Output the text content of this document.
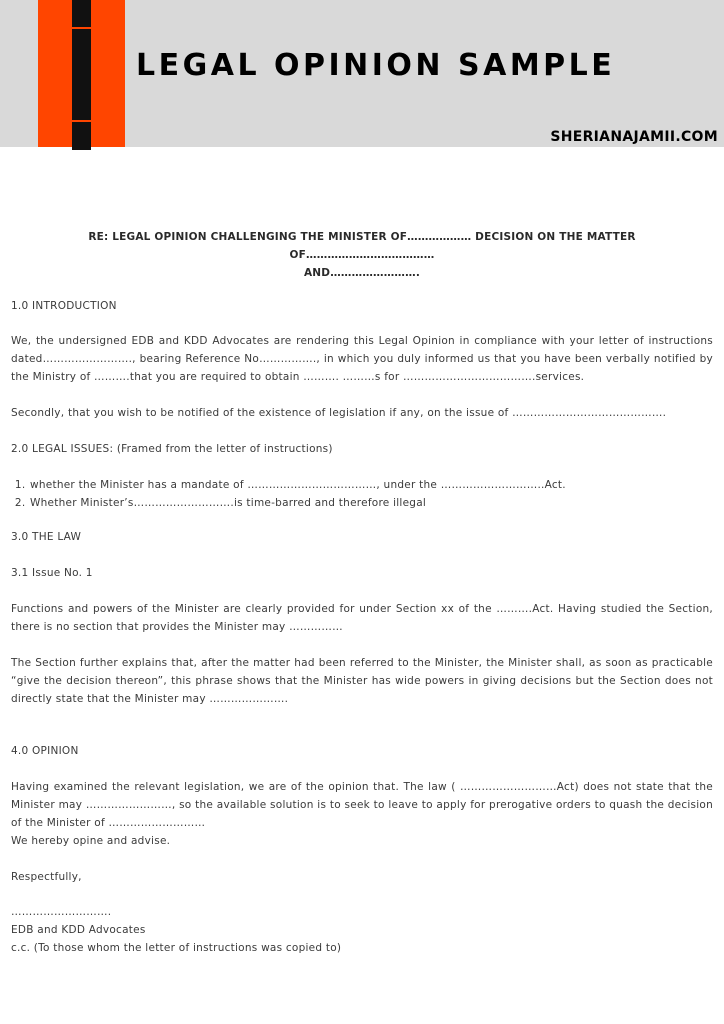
LEGAL OPINION SAMPLE
SHERIANAJAMII.COM
RE: LEGAL OPINION CHALLENGING THE MINISTER OF……………… DECISION ON THE MATTER OF………………………………
AND…………………….
1.0 INTRODUCTION
We, the undersigned EDB and KDD Advocates are rendering this Legal Opinion in compliance with your letter of instructions dated……………………., bearing Reference No……………., in which you duly informed us that you have been verbally notified by the Ministry of ……….that you are required to obtain ………. ………s for ……………………………….services.
Secondly, that you wish to be notified of the existence of legislation if any, on the issue of …………………………………….
2.0 LEGAL ISSUES: (Framed from the letter of instructions)
1. whether the Minister has a mandate of ………………………………, under the ………………………..Act.
2. Whether Minister’s……………………….is time-barred and therefore illegal
3.0 THE LAW
3.1 Issue No. 1
Functions and powers of the Minister are clearly provided for under Section xx of the ……….Act. Having studied the Section, there is no section that provides the Minister may ……………
The Section further explains that, after the matter had been referred to the Minister, the Minister shall, as soon as practicable “give the decision thereon”, this phrase shows that the Minister has wide powers in giving decisions but the Section does not directly state that the Minister may ………………….
4.0 OPINION
Having examined the relevant legislation, we are of the opinion that. The law ( ………………………Act) does not state that the Minister may ……………………, so the available solution is to seek to leave to apply for prerogative orders to quash the decision of the Minister of ………………………
We hereby opine and advise.
Respectfully,
……………………….
EDB and KDD Advocates
c.c. (To those whom the letter of instructions was copied to)
